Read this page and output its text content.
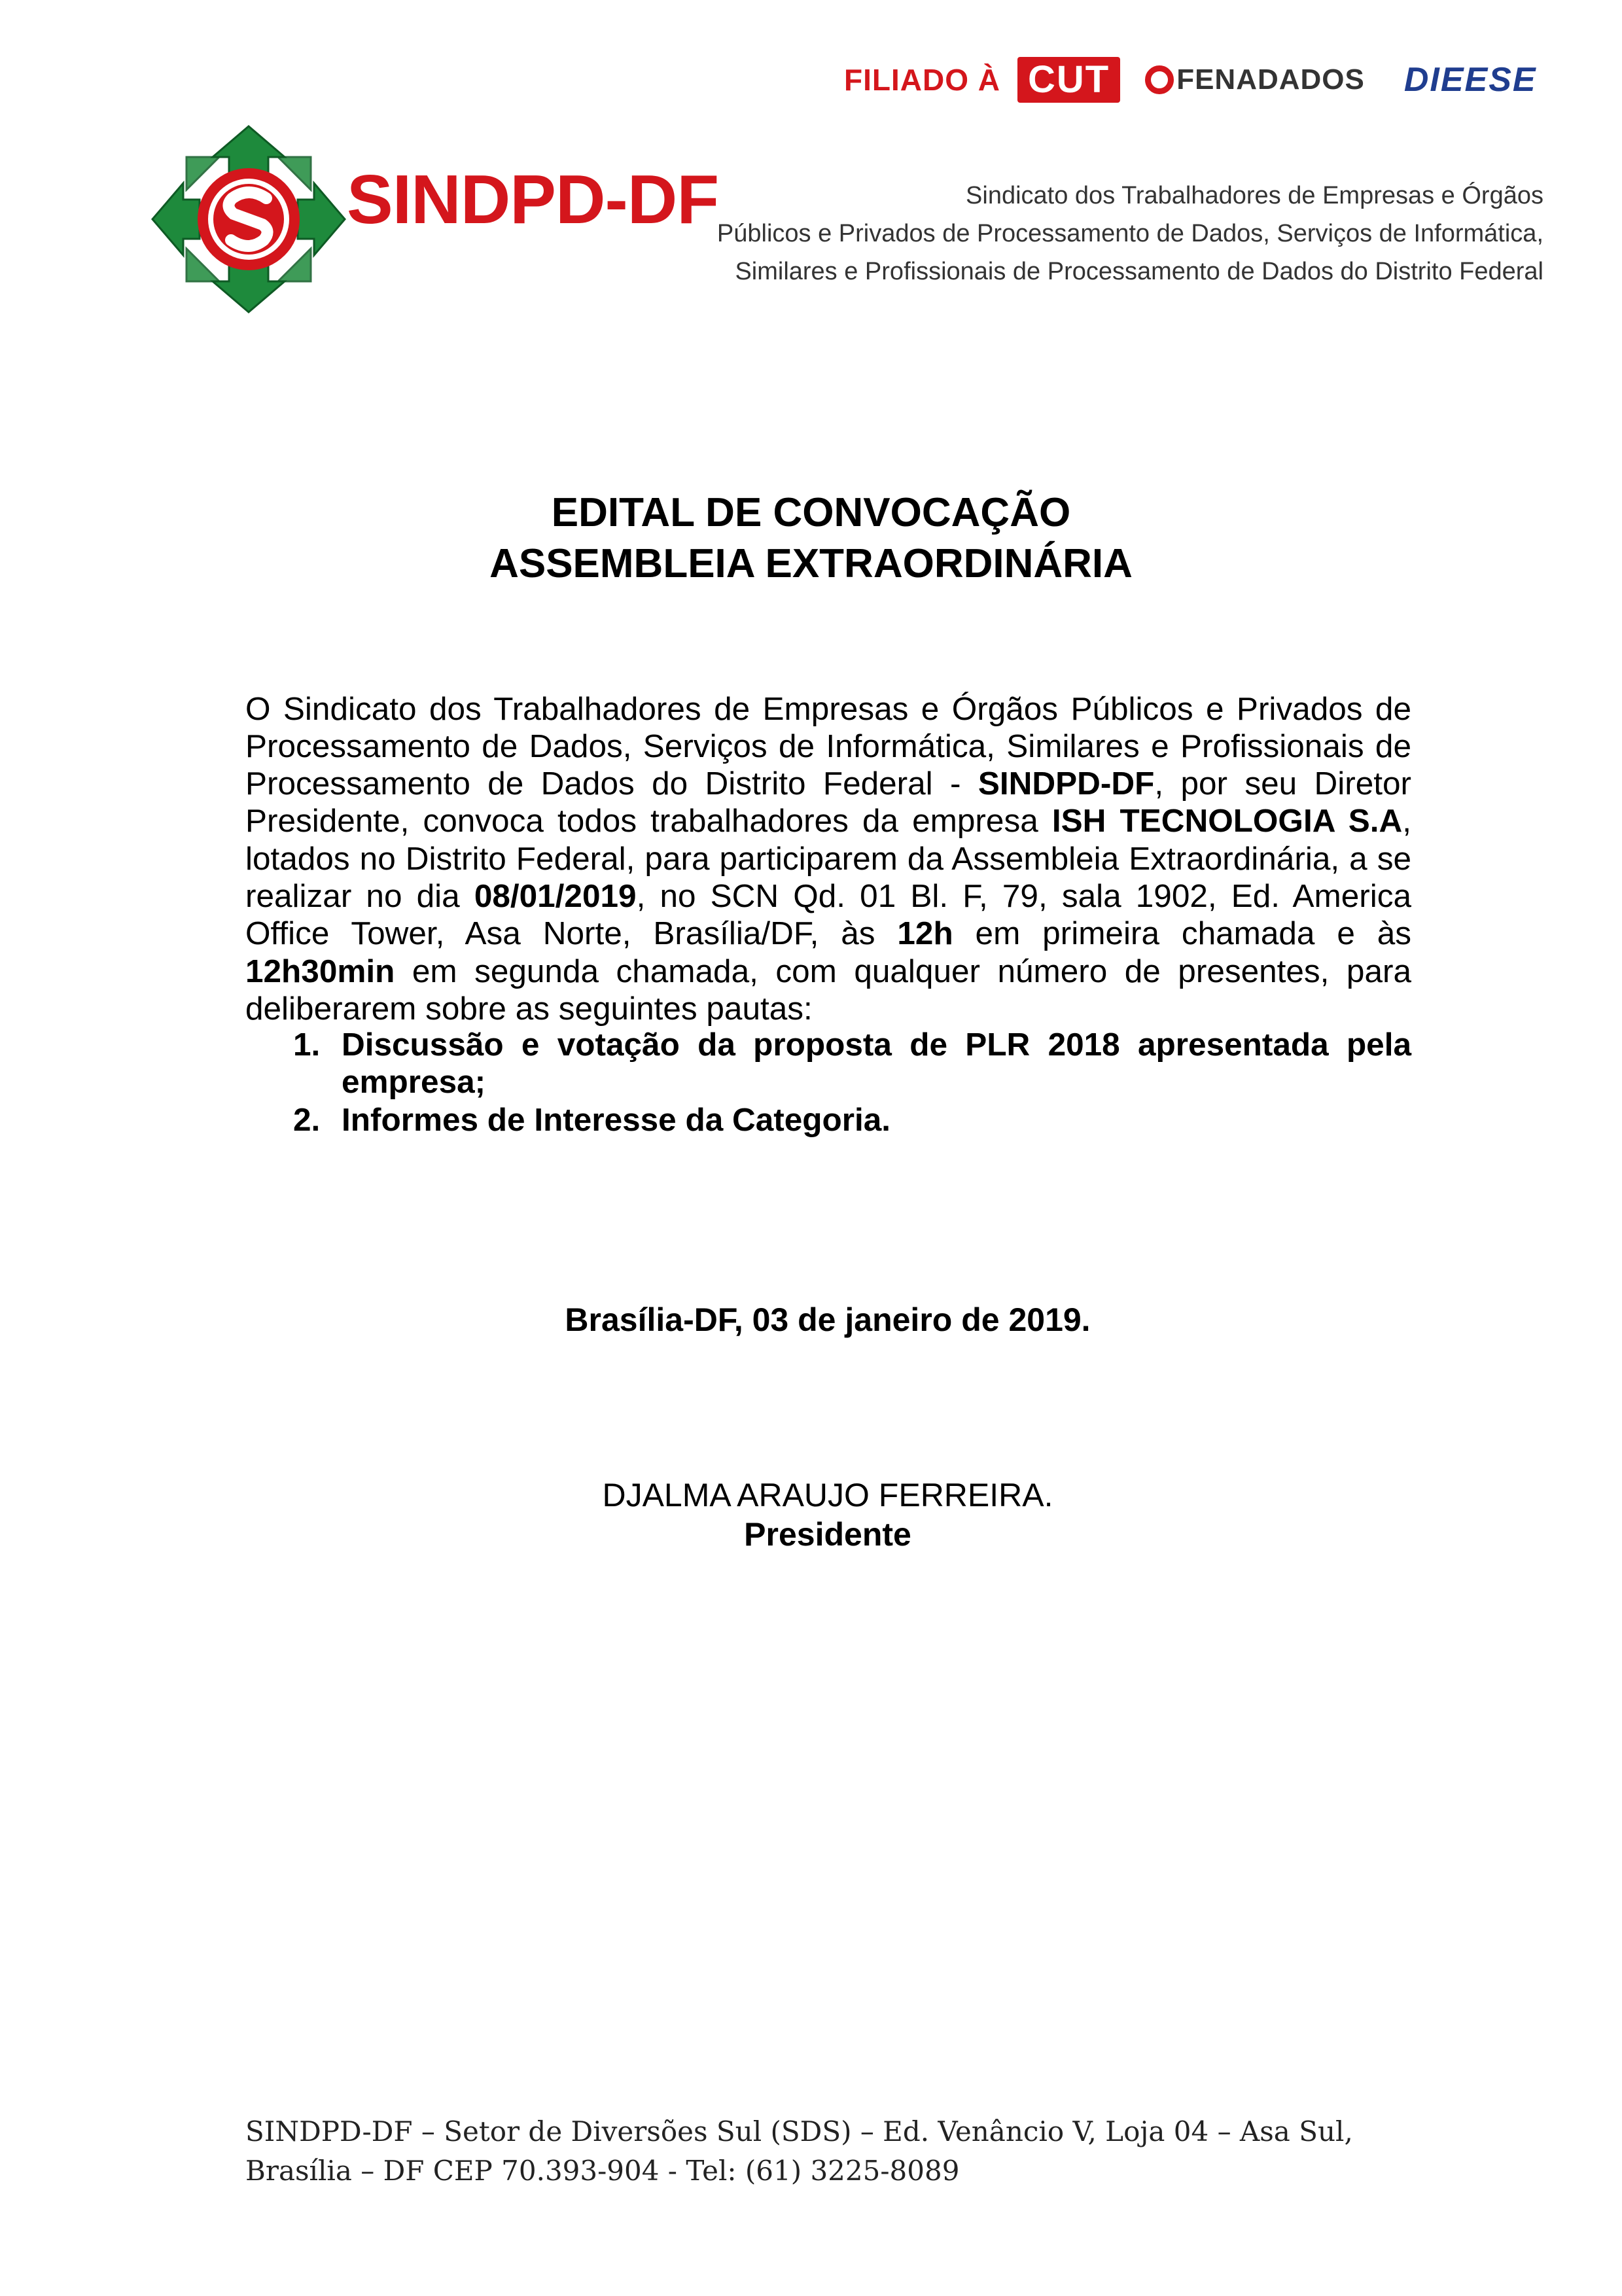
FILIADO À CUT	FENADADOS DIEESE
SINDPD-DF	Sindicato dos Trabalhadores de Empresas e Órgãos
Públicos e Privados de Processamento de Dados, Serviços de Informática,
Similares e Profissionais de Processamento de Dados do Distrito Federal
EDITAL DE CONVOCAÇÃO
ASSEMBLEIA EXTRAORDINÁRIA

O Sindicato dos Trabalhadores de Empresas e Órgãos Públicos e Privados de Processamento de Dados, Serviços de Informática, Similares e Profissionais de Processamento de Dados do Distrito Federal - SINDPD-DF, por seu Diretor Presidente, convoca todos trabalhadores da empresa ISH TECNOLOGIA S.A, lotados no Distrito Federal, para participarem da Assembleia Extraordinária, a se realizar no dia 08/01/2019, no SCN Qd. 01 Bl. F, 79, sala 1902, Ed. America Office Tower, Asa Norte, Brasília/DF, às 12h em primeira chamada e às 12h30min em segunda chamada, com qualquer número de presentes, para deliberarem sobre as seguintes pautas:

1. Discussão e votação da proposta de PLR 2018 apresentada pela empresa;
2. Informes de Interesse da Categoria.
Brasília-DF, 03 de janeiro de 2019.
DJALMA ARAUJO FERREIRA.
Presidente
SINDPD-DF – Setor de Diversões Sul (SDS) – Ed. Venâncio V, Loja 04 – Asa Sul,
Brasília – DF CEP 70.393-904 - Tel: (61) 3225-8089
